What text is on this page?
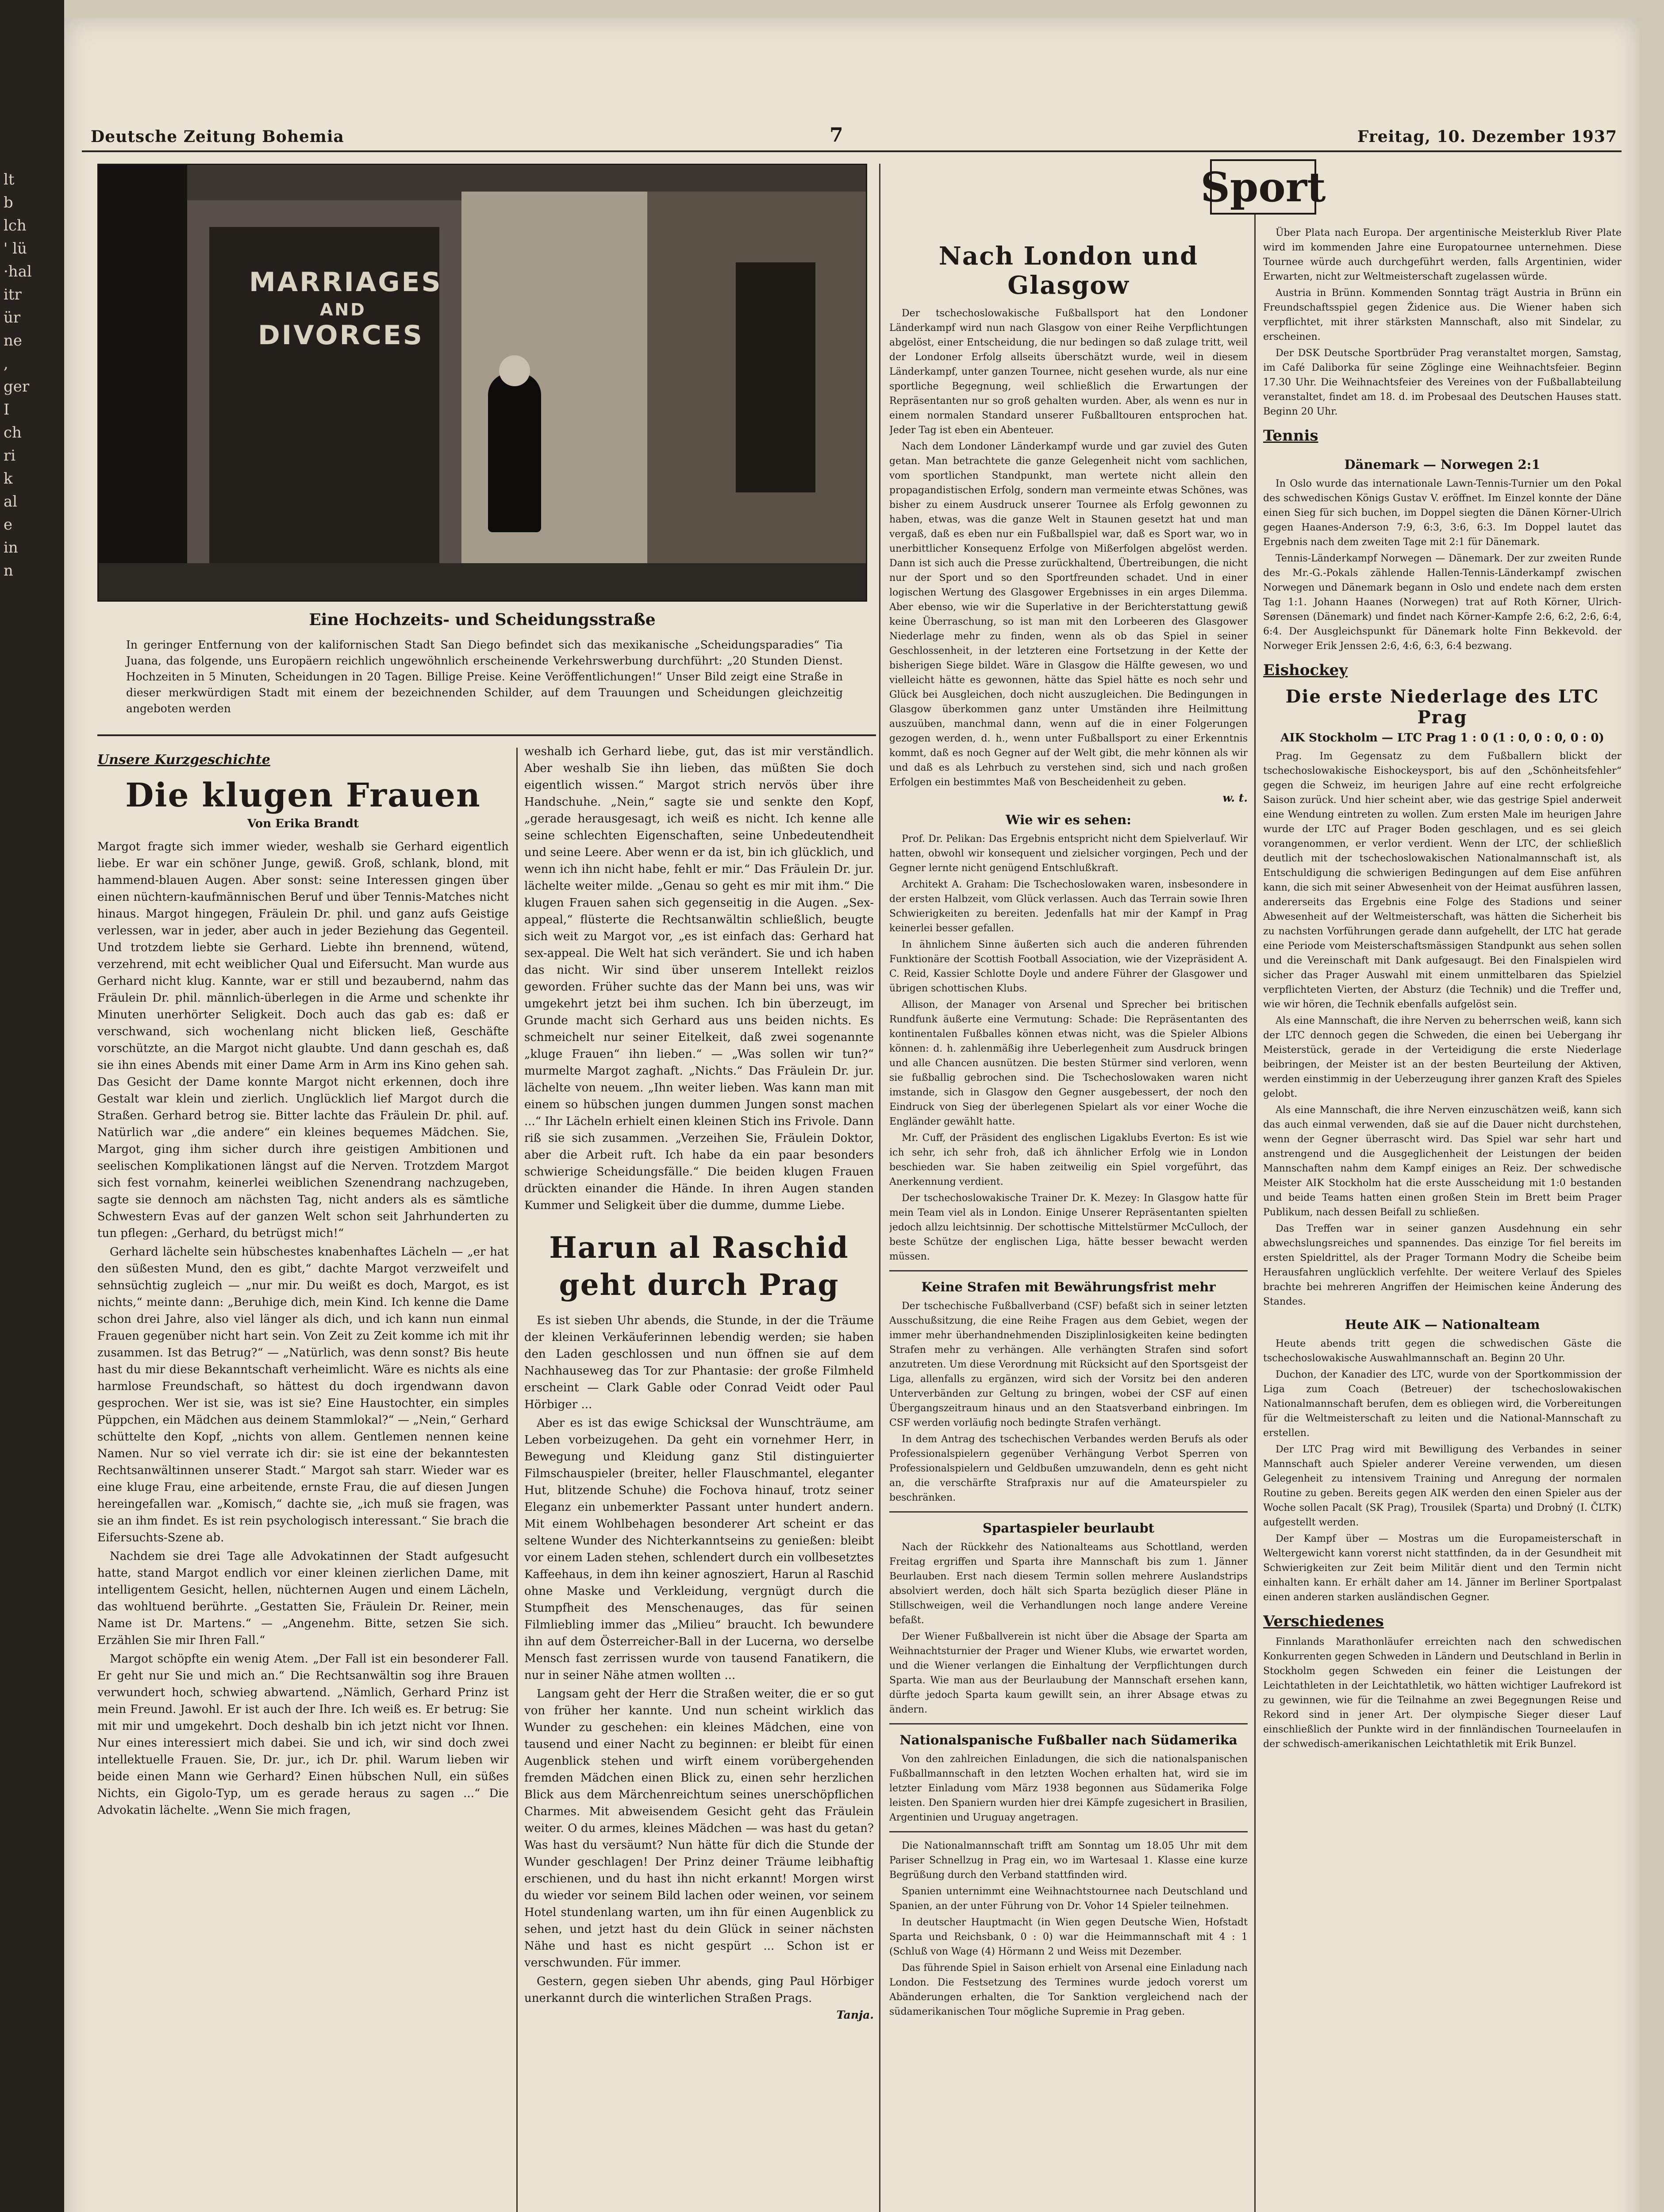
lt
b
lch
' lü
·hal
itr
ür
ne
,
ger
I
ch
ri
k
al
e
in
n
Deutsche Zeitung Bohemia	7	Freitag, 10. Dezember 1937
MARRIAGES
AND
DIVORCES
Eine Hochzeits- und Scheidungsstraße
In geringer Entfernung von der kalifornischen Stadt San Diego befindet sich das mexikanische „Scheidungsparadies“ Tia Juana, das folgende, uns Europäern reichlich ungewöhnlich erscheinende Verkehrswerbung durchführt: „20 Stunden Dienst. Hochzeiten in 5 Minuten, Scheidungen in 20 Tagen. Billige Preise. Keine Veröffentlichungen!“ Unser Bild zeigt eine Straße in dieser merkwürdigen Stadt mit einem der bezeichnenden Schilder, auf dem Trauungen und Scheidungen gleichzeitig angeboten werden
Unsere Kurzgeschichte
Die klugen Frauen
Von Erika Brandt
Margot fragte sich immer wieder, weshalb sie Gerhard eigentlich liebe. Er war ein schöner Junge, gewiß. Groß, schlank, blond, mit hammend-blauen Augen. Aber sonst: seine Interessen gingen über einen nüchtern-kaufmännischen Beruf und über Tennis-Matches nicht hinaus. Margot hingegen, Fräulein Dr. phil. und ganz aufs Geistige verlessen, war in jeder, aber auch in jeder Beziehung das Gegenteil. Und trotzdem liebte sie Gerhard. Liebte ihn brennend, wütend, verzehrend, mit echt weiblicher Qual und Eifersucht. Man wurde aus Gerhard nicht klug. Kannte, war er still und bezaubernd, nahm das Fräulein Dr. phil. männlich-überlegen in die Arme und schenkte ihr Minuten unerhörter Seligkeit. Doch auch das gab es: daß er verschwand, sich wochenlang nicht blicken ließ, Geschäfte vorschützte, an die Margot nicht glaubte. Und dann geschah es, daß sie ihn eines Abends mit einer Dame Arm in Arm ins Kino gehen sah. Das Gesicht der Dame konnte Margot nicht erkennen, doch ihre Gestalt war klein und zierlich. Unglücklich lief Margot durch die Straßen. Gerhard betrog sie. Bitter lachte das Fräulein Dr. phil. auf. Natürlich war „die andere“ ein kleines bequemes Mädchen. Sie, Margot, ging ihm sicher durch ihre geistigen Ambitionen und seelischen Komplikationen längst auf die Nerven. Trotzdem Margot sich fest vornahm, keinerlei weiblichen Szenendrang nachzugeben, sagte sie dennoch am nächsten Tag, nicht anders als es sämtliche Schwestern Evas auf der ganzen Welt schon seit Jahrhunderten zu tun pflegen: „Gerhard, du betrügst mich!“
Gerhard lächelte sein hübschestes knabenhaftes Lächeln — „er hat den süßesten Mund, den es gibt,“ dachte Margot verzweifelt und sehnsüchtig zugleich — „nur mir. Du weißt es doch, Margot, es ist nichts,“ meinte dann: „Beruhige dich, mein Kind. Ich kenne die Dame schon drei Jahre, also viel länger als dich, und ich kann nun einmal Frauen gegenüber nicht hart sein. Von Zeit zu Zeit komme ich mit ihr zusammen. Ist das Betrug?“ — „Natürlich, was denn sonst? Bis heute hast du mir diese Bekanntschaft verheimlicht. Wäre es nichts als eine harmlose Freundschaft, so hättest du doch irgendwann davon gesprochen. Wer ist sie, was ist sie? Eine Haustochter, ein simples Püppchen, ein Mädchen aus deinem Stammlokal?“ — „Nein,“ Gerhard schüttelte den Kopf, „nichts von allem. Gentlemen nennen keine Namen. Nur so viel verrate ich dir: sie ist eine der bekanntesten Rechtsanwältinnen unserer Stadt.“ Margot sah starr. Wieder war es eine kluge Frau, eine arbeitende, ernste Frau, die auf diesen Jungen hereingefallen war. „Komisch,“ dachte sie, „ich muß sie fragen, was sie an ihm findet. Es ist rein psychologisch interessant.“ Sie brach die Eifersuchts-Szene ab.
Nachdem sie drei Tage alle Advokatinnen der Stadt aufgesucht hatte, stand Margot endlich vor einer kleinen zierlichen Dame, mit intelligentem Gesicht, hellen, nüchternen Augen und einem Lächeln, das wohltuend berührte. „Gestatten Sie, Fräulein Dr. Reiner, mein Name ist Dr. Martens.“ — „Angenehm. Bitte, setzen Sie sich. Erzählen Sie mir Ihren Fall.“
Margot schöpfte ein wenig Atem. „Der Fall ist ein besonderer Fall. Er geht nur Sie und mich an.“ Die Rechtsanwältin sog ihre Brauen verwundert hoch, schwieg abwartend. „Nämlich, Gerhard Prinz ist mein Freund. Jawohl. Er ist auch der Ihre. Ich weiß es. Er betrug: Sie mit mir und umgekehrt. Doch deshalb bin ich jetzt nicht vor Ihnen. Nur eines interessiert mich dabei. Sie und ich, wir sind doch zwei intellektuelle Frauen. Sie, Dr. jur., ich Dr. phil. Warum lieben wir beide einen Mann wie Gerhard? Einen hübschen Null, ein süßes Nichts, ein Gigolo-Typ, um es gerade heraus zu sagen ...“ Die Advokatin lächelte. „Wenn Sie mich fragen,
weshalb ich Gerhard liebe, gut, das ist mir verständlich. Aber weshalb Sie ihn lieben, das müßten Sie doch eigentlich wissen.“ Margot strich nervös über ihre Handschuhe. „Nein,“ sagte sie und senkte den Kopf, „gerade herausgesagt, ich weiß es nicht. Ich kenne alle seine schlechten Eigenschaften, seine Unbedeutendheit und seine Leere. Aber wenn er da ist, bin ich glücklich, und wenn ich ihn nicht habe, fehlt er mir.“ Das Fräulein Dr. jur. lächelte weiter milde. „Genau so geht es mir mit ihm.“ Die klugen Frauen sahen sich gegenseitig in die Augen. „Sex-appeal,“ flüsterte die Rechtsanwältin schließlich, beugte sich weit zu Margot vor, „es ist einfach das: Gerhard hat sex-appeal. Die Welt hat sich verändert. Sie und ich haben das nicht. Wir sind über unserem Intellekt reizlos geworden. Früher suchte das der Mann bei uns, was wir umgekehrt jetzt bei ihm suchen. Ich bin überzeugt, im Grunde macht sich Gerhard aus uns beiden nichts. Es schmeichelt nur seiner Eitelkeit, daß zwei sogenannte „kluge Frauen“ ihn lieben.“ — „Was sollen wir tun?“ murmelte Margot zaghaft. „Nichts.“ Das Fräulein Dr. jur. lächelte von neuem. „Ihn weiter lieben. Was kann man mit einem so hübschen jungen dummen Jungen sonst machen ...“ Ihr Lächeln erhielt einen kleinen Stich ins Frivole. Dann riß sie sich zusammen. „Verzeihen Sie, Fräulein Doktor, aber die Arbeit ruft. Ich habe da ein paar besonders schwierige Scheidungsfälle.“ Die beiden klugen Frauen drückten einander die Hände. In ihren Augen standen Kummer und Seligkeit über die dumme, dumme Liebe.
Harun al Raschid
geht durch Prag
Es ist sieben Uhr abends, die Stunde, in der die Träume der kleinen Verkäuferinnen lebendig werden; sie haben den Laden geschlossen und nun öffnen sie auf dem Nachhauseweg das Tor zur Phantasie: der große Filmheld erscheint — Clark Gable oder Conrad Veidt oder Paul Hörbiger ...
Aber es ist das ewige Schicksal der Wunschträume, am Leben vorbeizugehen. Da geht ein vornehmer Herr, in Bewegung und Kleidung ganz Stil distinguierter Filmschauspieler (breiter, heller Flauschmantel, eleganter Hut, blitzende Schuhe) die Fochova hinauf, trotz seiner Eleganz ein unbemerkter Passant unter hundert andern. Mit einem Wohlbehagen besonderer Art scheint er das seltene Wunder des Nichterkanntseins zu genießen: bleibt vor einem Laden stehen, schlendert durch ein vollbesetztes Kaffeehaus, in dem ihn keiner agnosziert, Harun al Raschid ohne Maske und Verkleidung, vergnügt durch die Stumpfheit des Menschenauges, das für seinen Filmliebling immer das „Milieu“ braucht. Ich bewundere ihn auf dem Österreicher-Ball in der Lucerna, wo derselbe Mensch fast zerrissen wurde von tausend Fanatikern, die nur in seiner Nähe atmen wollten ...
Langsam geht der Herr die Straßen weiter, die er so gut von früher her kannte. Und nun scheint wirklich das Wunder zu geschehen: ein kleines Mädchen, eine von tausend und einer Nacht zu beginnen: er bleibt für einen Augenblick stehen und wirft einem vorübergehenden fremden Mädchen einen Blick zu, einen sehr herzlichen Blick aus dem Märchenreichtum seines unerschöpflichen Charmes. Mit abweisendem Gesicht geht das Fräulein weiter. O du armes, kleines Mädchen — was hast du getan? Was hast du versäumt? Nun hätte für dich die Stunde der Wunder geschlagen! Der Prinz deiner Träume leibhaftig erschienen, und du hast ihn nicht erkannt! Morgen wirst du wieder vor seinem Bild lachen oder weinen, vor seinem Hotel stundenlang warten, um ihn für einen Augenblick zu sehen, und jetzt hast du dein Glück in seiner nächsten Nähe und hast es nicht gespürt ... Schon ist er verschwunden. Für immer.
Gestern, gegen sieben Uhr abends, ging Paul Hörbiger unerkannt durch die winterlichen Straßen Prags.
Tanja.
Nach London und Glasgow
Der tschechoslowakische Fußballsport hat den Londoner Länderkampf wird nun nach Glasgow von einer Reihe Verpflichtungen abgelöst, einer Entscheidung, die nur bedingen so daß zulage tritt, weil der Londoner Erfolg allseits überschätzt wurde, weil in diesem Länderkampf, unter ganzen Tournee, nicht gesehen wurde, als nur eine sportliche Begegnung, weil schließlich die Erwartungen der Repräsentanten nur so groß gehalten wurden. Aber, als wenn es nur in einem normalen Standard unserer Fußballtouren entsprochen hat. Jeder Tag ist eben ein Abenteuer.
Nach dem Londoner Länderkampf wurde und gar zuviel des Guten getan. Man betrachtete die ganze Gelegenheit nicht vom sachlichen, vom sportlichen Standpunkt, man wertete nicht allein den propagandistischen Erfolg, sondern man vermeinte etwas Schönes, was bisher zu einem Ausdruck unserer Tournee als Erfolg gewonnen zu haben, etwas, was die ganze Welt in Staunen gesetzt hat und man vergaß, daß es eben nur ein Fußballspiel war, daß es Sport war, wo in unerbittlicher Konsequenz Erfolge von Mißerfolgen abgelöst werden. Dann ist sich auch die Presse zurückhaltend, Übertreibungen, die nicht nur der Sport und so den Sportfreunden schadet. Und in einer logischen Wertung des Glasgower Ergebnisses in ein arges Dilemma. Aber ebenso, wie wir die Superlative in der Berichterstattung gewiß keine Überraschung, so ist man mit den Lorbeeren des Glasgower Niederlage mehr zu finden, wenn als ob das Spiel in seiner Geschlossenheit, in der letzteren eine Fortsetzung in der Kette der bisherigen Siege bildet. Wäre in Glasgow die Hälfte gewesen, wo und vielleicht hätte es gewonnen, hätte das Spiel hätte es noch sehr und Glück bei Ausgleichen, doch nicht auszugleichen. Die Bedingungen in Glasgow überkommen ganz unter Umständen ihre Heilmittung auszuüben, manchmal dann, wenn auf die in einer Folgerungen gezogen werden, d. h., wenn unter Fußballsport zu einer Erkenntnis kommt, daß es noch Gegner auf der Welt gibt, die mehr können als wir und daß es als Lehrbuch zu verstehen sind, sich und nach großen Erfolgen ein bestimmtes Maß von Bescheidenheit zu geben.
w. t.
Wie wir es sehen:
Prof. Dr. Pelikan: Das Ergebnis entspricht nicht dem Spielverlauf. Wir hatten, obwohl wir konsequent und zielsicher vorgingen, Pech und der Gegner lernte nicht genügend Entschlußkraft.
Architekt A. Graham: Die Tschechoslowaken waren, insbesondere in der ersten Halbzeit, vom Glück verlassen. Auch das Terrain sowie Ihren Schwierigkeiten zu bereiten. Jedenfalls hat mir der Kampf in Prag keinerlei besser gefallen.
In ähnlichem Sinne äußerten sich auch die anderen führenden Funktionäre der Scottish Football Association, wie der Vizepräsident A. C. Reid, Kassier Schlotte Doyle und andere Führer der Glasgower und übrigen schottischen Klubs.
Allison, der Manager von Arsenal und Sprecher bei britischen Rundfunk äußerte eine Vermutung: Schade: Die Repräsentanten des kontinentalen Fußballes können etwas nicht, was die Spieler Albions können: d. h. zahlenmäßig ihre Ueberlegenheit zum Ausdruck bringen und alle Chancen ausnützen. Die besten Stürmer sind verloren, wenn sie fußballig gebrochen sind. Die Tschechoslowaken waren nicht imstande, sich in Glasgow den Gegner ausgebessert, der noch den Eindruck von Sieg der überlegenen Spielart als vor einer Woche die Engländer gewählt hatte.
Mr. Cuff, der Präsident des englischen Ligaklubs Everton: Es ist wie ich sehr, ich sehr froh, daß ich ähnlicher Erfolg wie in London beschieden war. Sie haben zeitweilig ein Spiel vorgeführt, das Anerkennung verdient.
Der tschechoslowakische Trainer Dr. K. Mezey: In Glasgow hatte für mein Team viel als in London. Einige Unserer Repräsentanten spielten jedoch allzu leichtsinnig. Der schottische Mittelstürmer McCulloch, der beste Schütze der englischen Liga, hätte besser bewacht werden müssen.
Keine Strafen mit Bewährungsfrist mehr
Der tschechische Fußballverband (CSF) befaßt sich in seiner letzten Ausschußsitzung, die eine Reihe Fragen aus dem Gebiet, wegen der immer mehr überhandnehmenden Disziplinlosigkeiten keine bedingten Strafen mehr zu verhängen. Alle verhängten Strafen sind sofort anzutreten. Um diese Verordnung mit Rücksicht auf den Sportsgeist der Liga, allenfalls zu ergänzen, wird sich der Vorsitz bei den anderen Unterverbänden zur Geltung zu bringen, wobei der CSF auf einen Übergangszeitraum hinaus und an den Staatsverband einbringen. Im CSF werden vorläufig noch bedingte Strafen verhängt.
In dem Antrag des tschechischen Verbandes werden Berufs als oder Professionalspielern gegenüber Verhängung Verbot Sperren von Professionalspielern und Geldbußen umzuwandeln, denn es geht nicht an, die verschärfte Strafpraxis nur auf die Amateurspieler zu beschränken.
Spartaspieler beurlaubt
Nach der Rückkehr des Nationalteams aus Schottland, werden Freitag ergriffen und Sparta ihre Mannschaft bis zum 1. Jänner Beurlauben. Erst nach diesem Termin sollen mehrere Auslandstrips absolviert werden, doch hält sich Sparta bezüglich dieser Pläne in Stillschweigen, weil die Verhandlungen noch lange andere Vereine befaßt.
Der Wiener Fußballverein ist nicht über die Absage der Sparta am Weihnachtsturnier der Prager und Wiener Klubs, wie erwartet worden, und die Wiener verlangen die Einhaltung der Verpflichtungen durch Sparta. Wie man aus der Beurlaubung der Mannschaft ersehen kann, dürfte jedoch Sparta kaum gewillt sein, an ihrer Absage etwas zu ändern.
Nationalspanische Fußballer nach Südamerika
Von den zahlreichen Einladungen, die sich die nationalspanischen Fußballmannschaft in den letzten Wochen erhalten hat, wird sie im letzter Einladung vom März 1938 begonnen aus Südamerika Folge leisten. Den Spaniern wurden hier drei Kämpfe zugesichert in Brasilien, Argentinien und Uruguay angetragen.
Die Nationalmannschaft trifft am Sonntag um 18.05 Uhr mit dem Pariser Schnellzug in Prag ein, wo im Wartesaal 1. Klasse eine kurze Begrüßung durch den Verband stattfinden wird.
Spanien unternimmt eine Weihnachtstournee nach Deutschland und Spanien, an der unter Führung von Dr. Vohor 14 Spieler teilnehmen.
In deutscher Hauptmacht (in Wien gegen Deutsche Wien, Hofstadt Sparta und Reichsbank, 0 : 0) war die Heimmannschaft mit 4 : 1 (Schluß von Wage (4) Hörmann 2 und Weiss mit Dezember.
Das führende Spiel in Saison erhielt von Arsenal eine Einladung nach London. Die Festsetzung des Termines wurde jedoch vorerst um Abänderungen erhalten, die Tor Sanktion vergleichend nach der südamerikanischen Tour mögliche Supremie in Prag geben.
Über Plata nach Europa. Der argentinische Meisterklub River Plate wird im kommenden Jahre eine Europatournee unternehmen. Diese Tournee würde auch durchgeführt werden, falls Argentinien, wider Erwarten, nicht zur Weltmeisterschaft zugelassen würde.
Austria in Brünn. Kommenden Sonntag trägt Austria in Brünn ein Freundschaftsspiel gegen Židenice aus. Die Wiener haben sich verpflichtet, mit ihrer stärksten Mannschaft, also mit Sindelar, zu erscheinen.
Der DSK Deutsche Sportbrüder Prag veranstaltet morgen, Samstag, im Café Daliborka für seine Zöglinge eine Weihnachtsfeier. Beginn 17.30 Uhr. Die Weihnachtsfeier des Vereines von der Fußballabteilung veranstaltet, findet am 18. d. im Probesaal des Deutschen Hauses statt. Beginn 20 Uhr.
Tennis
Dänemark — Norwegen 2:1
In Oslo wurde das internationale Lawn-Tennis-Turnier um den Pokal des schwedischen Königs Gustav V. eröffnet. Im Einzel konnte der Däne einen Sieg für sich buchen, im Doppel siegten die Dänen Körner-Ulrich gegen Haanes-Anderson 7:9, 6:3, 3:6, 6:3. Im Doppel lautet das Ergebnis nach dem zweiten Tage mit 2:1 für Dänemark.
Tennis-Länderkampf Norwegen — Dänemark. Der zur zweiten Runde des Mr.-G.-Pokals zählende Hallen-Tennis-Länderkampf zwischen Norwegen und Dänemark begann in Oslo und endete nach dem ersten Tag 1:1. Johann Haanes (Norwegen) trat auf Roth Körner, Ulrich-Sørensen (Dänemark) und findet nach Körner-Kampfe 2:6, 6:2, 2:6, 6:4, 6:4. Der Ausgleichspunkt für Dänemark holte Finn Bekkevold. der Norweger Erik Jenssen 2:6, 4:6, 6:3, 6:4 bezwang.
Eishockey
Die erste Niederlage des LTC Prag
AIK Stockholm — LTC Prag 1 : 0 (1 : 0, 0 : 0, 0 : 0)
Prag. Im Gegensatz zu dem Fußballern blickt der tschechoslowakische Eishockeysport, bis auf den „Schönheitsfehler“ gegen die Schweiz, im heurigen Jahre auf eine recht erfolgreiche Saison zurück. Und hier scheint aber, wie das gestrige Spiel anderweit eine Wendung eintreten zu wollen. Zum ersten Male im heurigen Jahre wurde der LTC auf Prager Boden geschlagen, und es sei gleich vorangenommen, er verlor verdient. Wenn der LTC, der schließlich deutlich mit der tschechoslowakischen Nationalmannschaft ist, als Entschuldigung die schwierigen Bedingungen auf dem Eise anführen kann, die sich mit seiner Abwesenheit von der Heimat ausführen lassen, andererseits das Ergebnis eine Folge des Stadions und seiner Abwesenheit auf der Weltmeisterschaft, was hätten die Sicherheit bis zu nachsten Vorführungen gerade dann aufgehellt, der LTC hat gerade eine Periode vom Meisterschaftsmässigen Standpunkt aus sehen sollen und die Vereinschaft mit Dank aufgesaugt. Bei den Finalspielen wird sicher das Prager Auswahl mit einem unmittelbaren das Spielziel verpflichteten Vierten, der Absturz (die Technik) und die Treffer und, wie wir hören, die Technik ebenfalls aufgelöst sein.
Als eine Mannschaft, die ihre Nerven zu beherrschen weiß, kann sich der LTC dennoch gegen die Schweden, die einen bei Uebergang ihr Meisterstück, gerade in der Verteidigung die erste Niederlage beibringen, der Meister ist an der besten Beurteilung der Aktiven, werden einstimmig in der Ueberzeugung ihrer ganzen Kraft des Spieles gelobt.
Als eine Mannschaft, die ihre Nerven einzuschätzen weiß, kann sich das auch einmal verwenden, daß sie auf die Dauer nicht durchstehen, wenn der Gegner überrascht wird. Das Spiel war sehr hart und anstrengend und die Ausgeglichenheit der Leistungen der beiden Mannschaften nahm dem Kampf einiges an Reiz. Der schwedische Meister AIK Stockholm hat die erste Ausscheidung mit 1:0 bestanden und beide Teams hatten einen großen Stein im Brett beim Prager Publikum, nach dessen Beifall zu schließen.
Das Treffen war in seiner ganzen Ausdehnung ein sehr abwechslungsreiches und spannendes. Das einzige Tor fiel bereits im ersten Spieldrittel, als der Prager Tormann Modry die Scheibe beim Herausfahren unglücklich verfehlte. Der weitere Verlauf des Spieles brachte bei mehreren Angriffen der Heimischen keine Änderung des Standes.
Heute AIK — Nationalteam
Heute abends tritt gegen die schwedischen Gäste die tschechoslowakische Auswahlmannschaft an. Beginn 20 Uhr.
Duchon, der Kanadier des LTC, wurde von der Sportkommission der Liga zum Coach (Betreuer) der tschechoslowakischen Nationalmannschaft berufen, dem es obliegen wird, die Vorbereitungen für die Weltmeisterschaft zu leiten und die National-Mannschaft zu erstellen.
Der LTC Prag wird mit Bewilligung des Verbandes in seiner Mannschaft auch Spieler anderer Vereine verwenden, um diesen Gelegenheit zu intensivem Training und Anregung der normalen Routine zu geben. Bereits gegen AIK werden den einen Spieler aus der Woche sollen Pacalt (SK Prag), Trousilek (Sparta) und Drobný (I. ČLTK) aufgestellt werden.
Der Kampf über — Mostras um die Europameisterschaft in Weltergewicht kann vorerst nicht stattfinden, da in der Gesundheit mit Schwierigkeiten zur Zeit beim Militär dient und den Termin nicht einhalten kann. Er erhält daher am 14. Jänner im Berliner Sportpalast einen anderen starken ausländischen Gegner.
Verschiedenes
Finnlands Marathonläufer erreichten nach den schwedischen Konkurrenten gegen Schweden in Ländern und Deutschland in Berlin in Stockholm gegen Schweden ein feiner die Leistungen der Leichtathleten in der Leichtathletik, wo hätten wichtiger Laufrekord ist zu gewinnen, wie für die Teilnahme an zwei Begegnungen Reise und Rekord sind in jener Art. Der olympische Sieger dieser Lauf einschließlich der Punkte wird in der finnländischen Tourneelaufen in der schwedisch-amerikanischen Leichtathletik mit Erik Bunzel.
Sport
